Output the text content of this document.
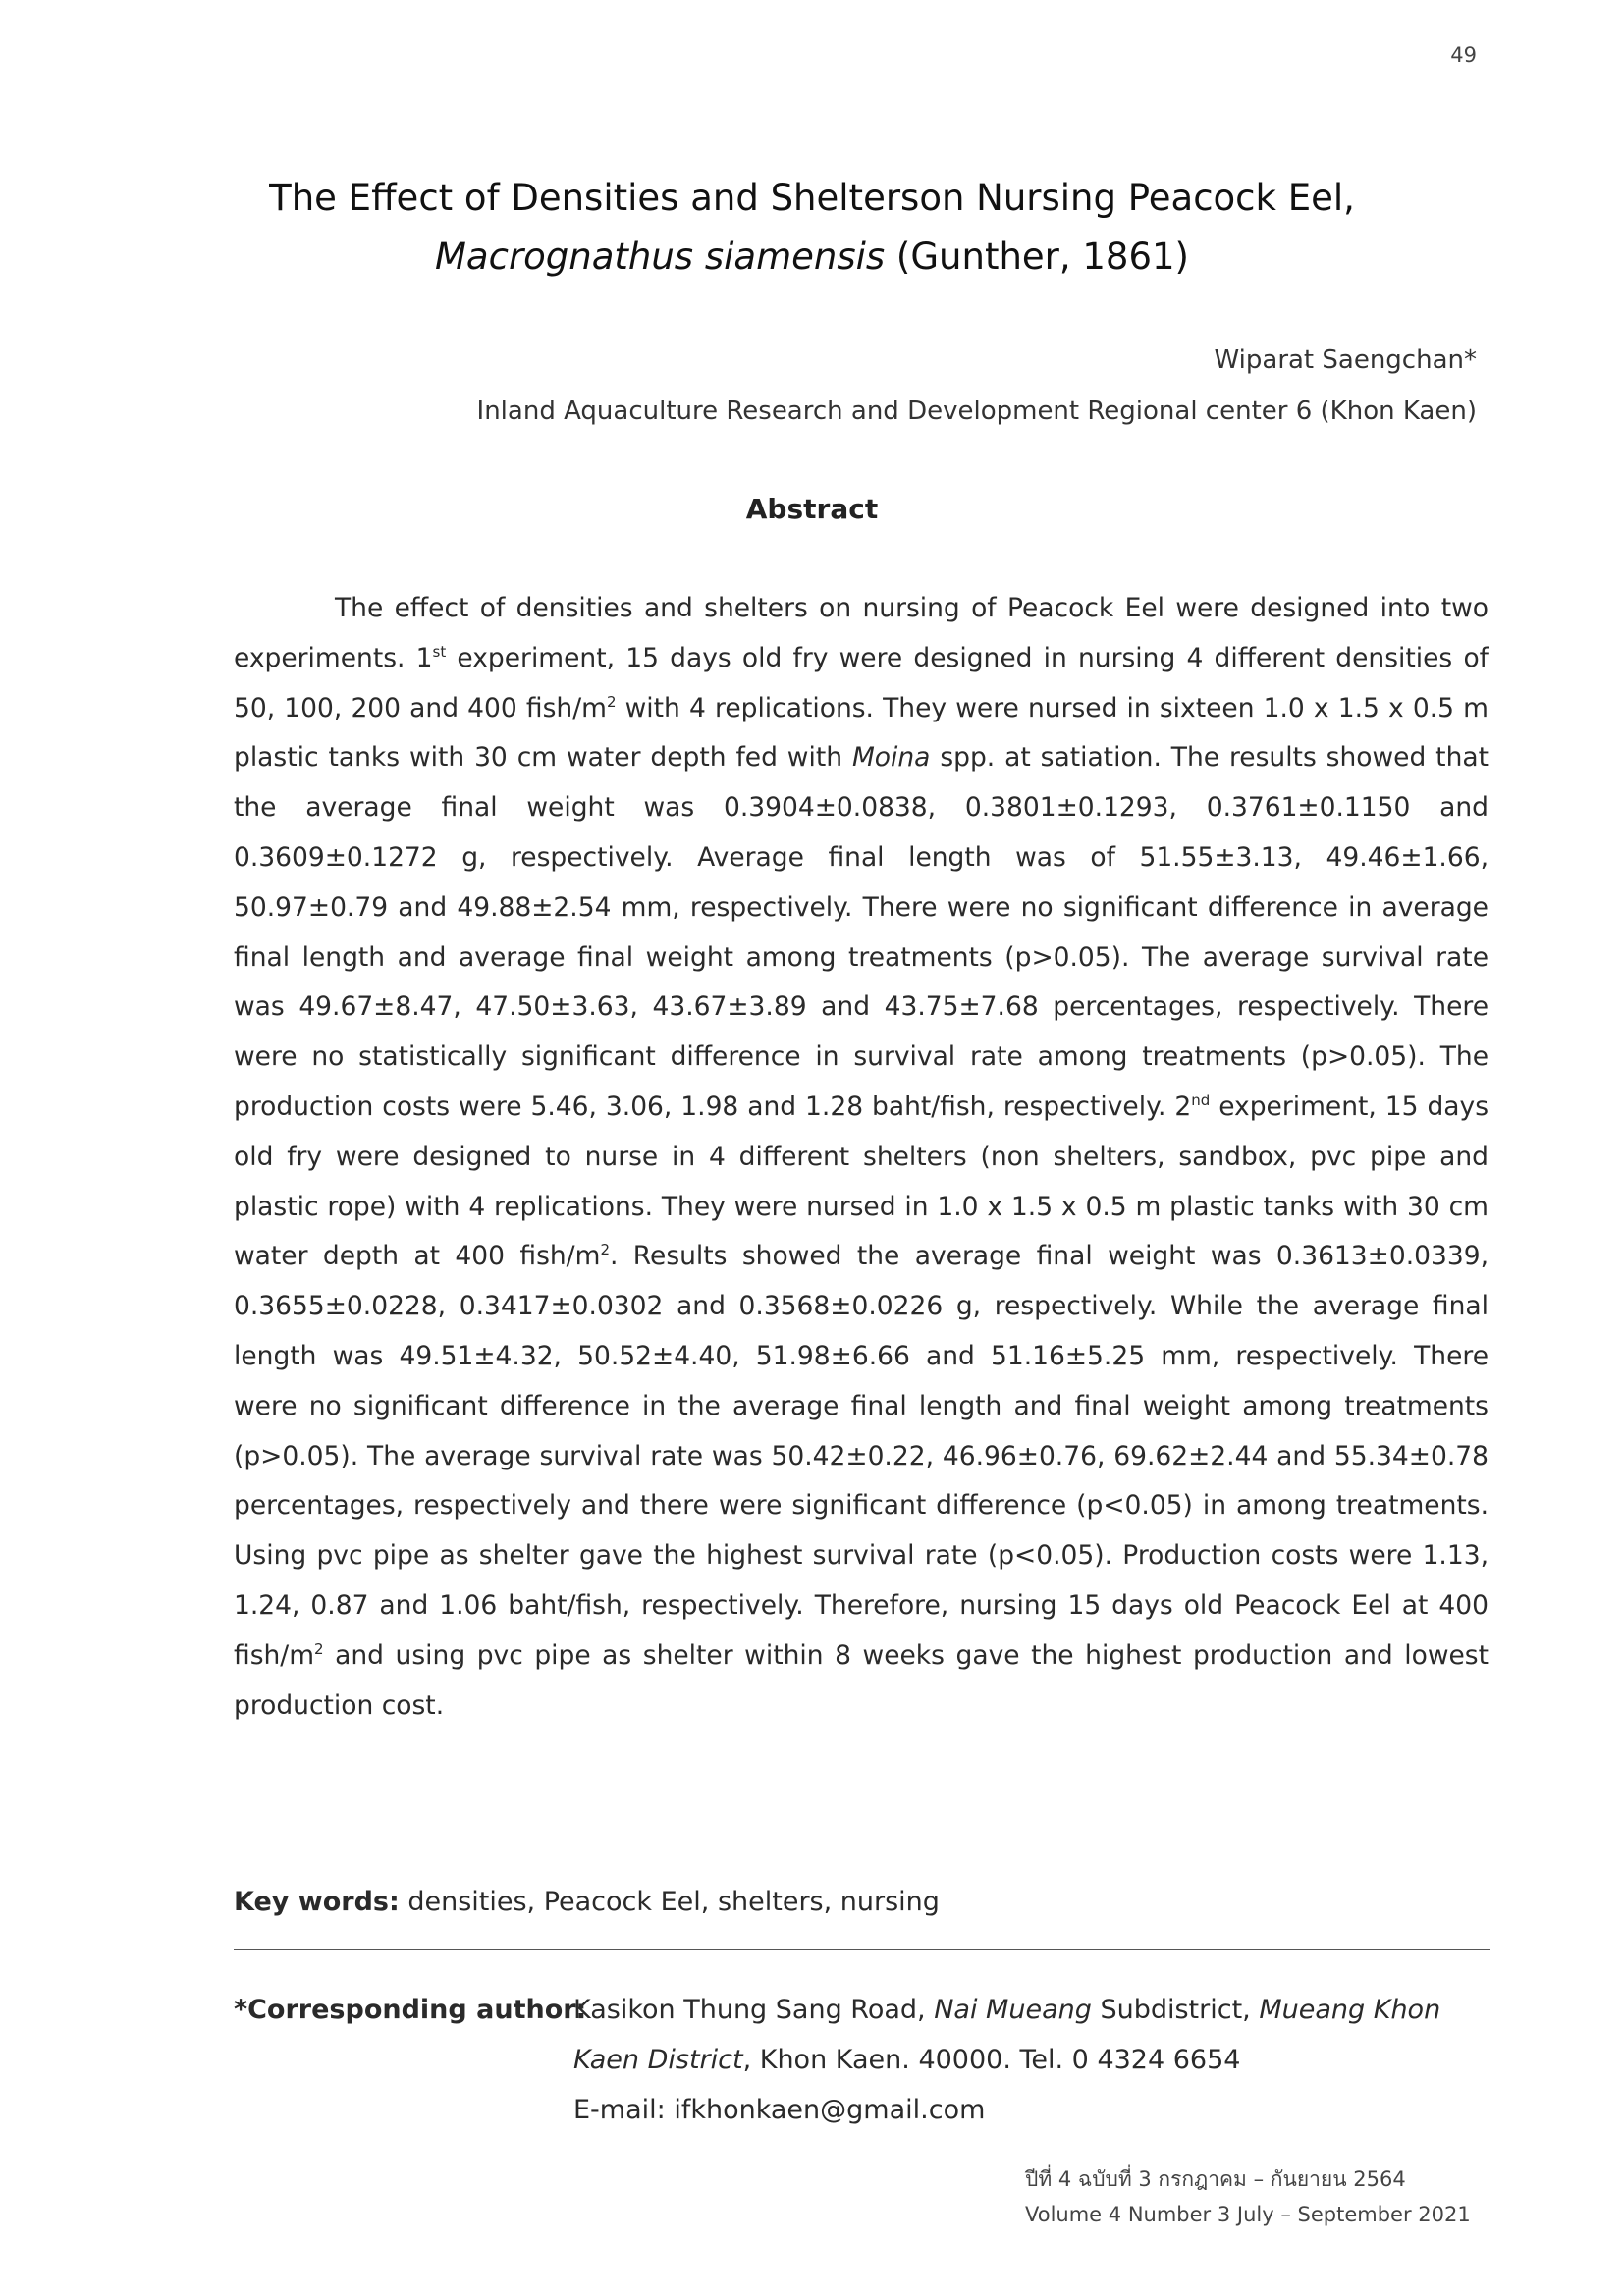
49
The Effect of Densities and Shelterson Nursing Peacock Eel,
Macrognathus siamensis (Gunther, 1861)
Wiparat Saengchan*
Inland Aquaculture Research and Development Regional center 6 (Khon Kaen)
Abstract

The effect of densities and shelters on nursing of Peacock Eel were designed into two experiments. 1st experiment, 15 days old fry were designed in nursing 4 different densities of 50, 100, 200 and 400 fish/$m^2$ with 4 replications. They were nursed in sixteen 1.0 x 1.5 x 0.5 m plastic tanks with 30 cm water depth fed with Moina spp. at satiation. The results showed that the average final weight was 0.3904±0.0838, 0.3801±0.1293, 0.3761±0.1150 and 0.3609±0.1272 g, respectively. Average final length was of 51.55±3.13, 49.46±1.66, 50.97±0.79 and 49.88±2.54 mm, respectively. There were no significant difference in average final length and average final weight among treatments (p>0.05). The average survival rate was 49.67±8.47, 47.50±3.63, 43.67±3.89 and 43.75±7.68 percentages, respectively. There were no statistically significant difference in survival rate among treatments (p>0.05). The production costs were 5.46, 3.06, 1.98 and 1.28 baht/fish, respectively. 2nd experiment, 15 days old fry were designed to nurse in 4 different shelters (non shelters, sandbox, pvc pipe and plastic rope) with 4 replications. They were nursed in 1.0 x 1.5 x 0.5 m plastic tanks with 30 cm water depth at 400 fish/$m^2$. Results showed the average final weight was 0.3613±0.0339, 0.3655±0.0228, 0.3417±0.0302 and 0.3568±0.0226 g, respectively. While the average final length was 49.51±4.32, 50.52±4.40, 51.98±6.66 and 51.16±5.25 mm, respectively. There were no significant difference in the average final length and final weight among treatments (p>0.05). The average survival rate was 50.42±0.22, 46.96±0.76, 69.62±2.44 and 55.34±0.78 percentages, respectively and there were significant difference (p<0.05) in among treatments. Using pvc pipe as shelter gave the highest survival rate (p<0.05). Production costs were 1.13, 1.24, 0.87 and 1.06 baht/fish, respectively. Therefore, nursing 15 days old Peacock Eel at 400 fish/$m^2$ and using pvc pipe as shelter within 8 weeks gave the highest production and lowest production cost.

Key words: densities, Peacock Eel, shelters, nursing
*Corresponding author:
Kasikon Thung Sang Road, Nai Mueang Subdistrict, Mueang Khon
Kaen District, Khon Kaen. 40000. Tel. 0 4324 6654
E-mail: ifkhonkaen@gmail.com
ปีที่ 4 ฉบับที่ 3 กรกฎาคม – กันยายน 2564
Volume 4 Number 3 July – September 2021
